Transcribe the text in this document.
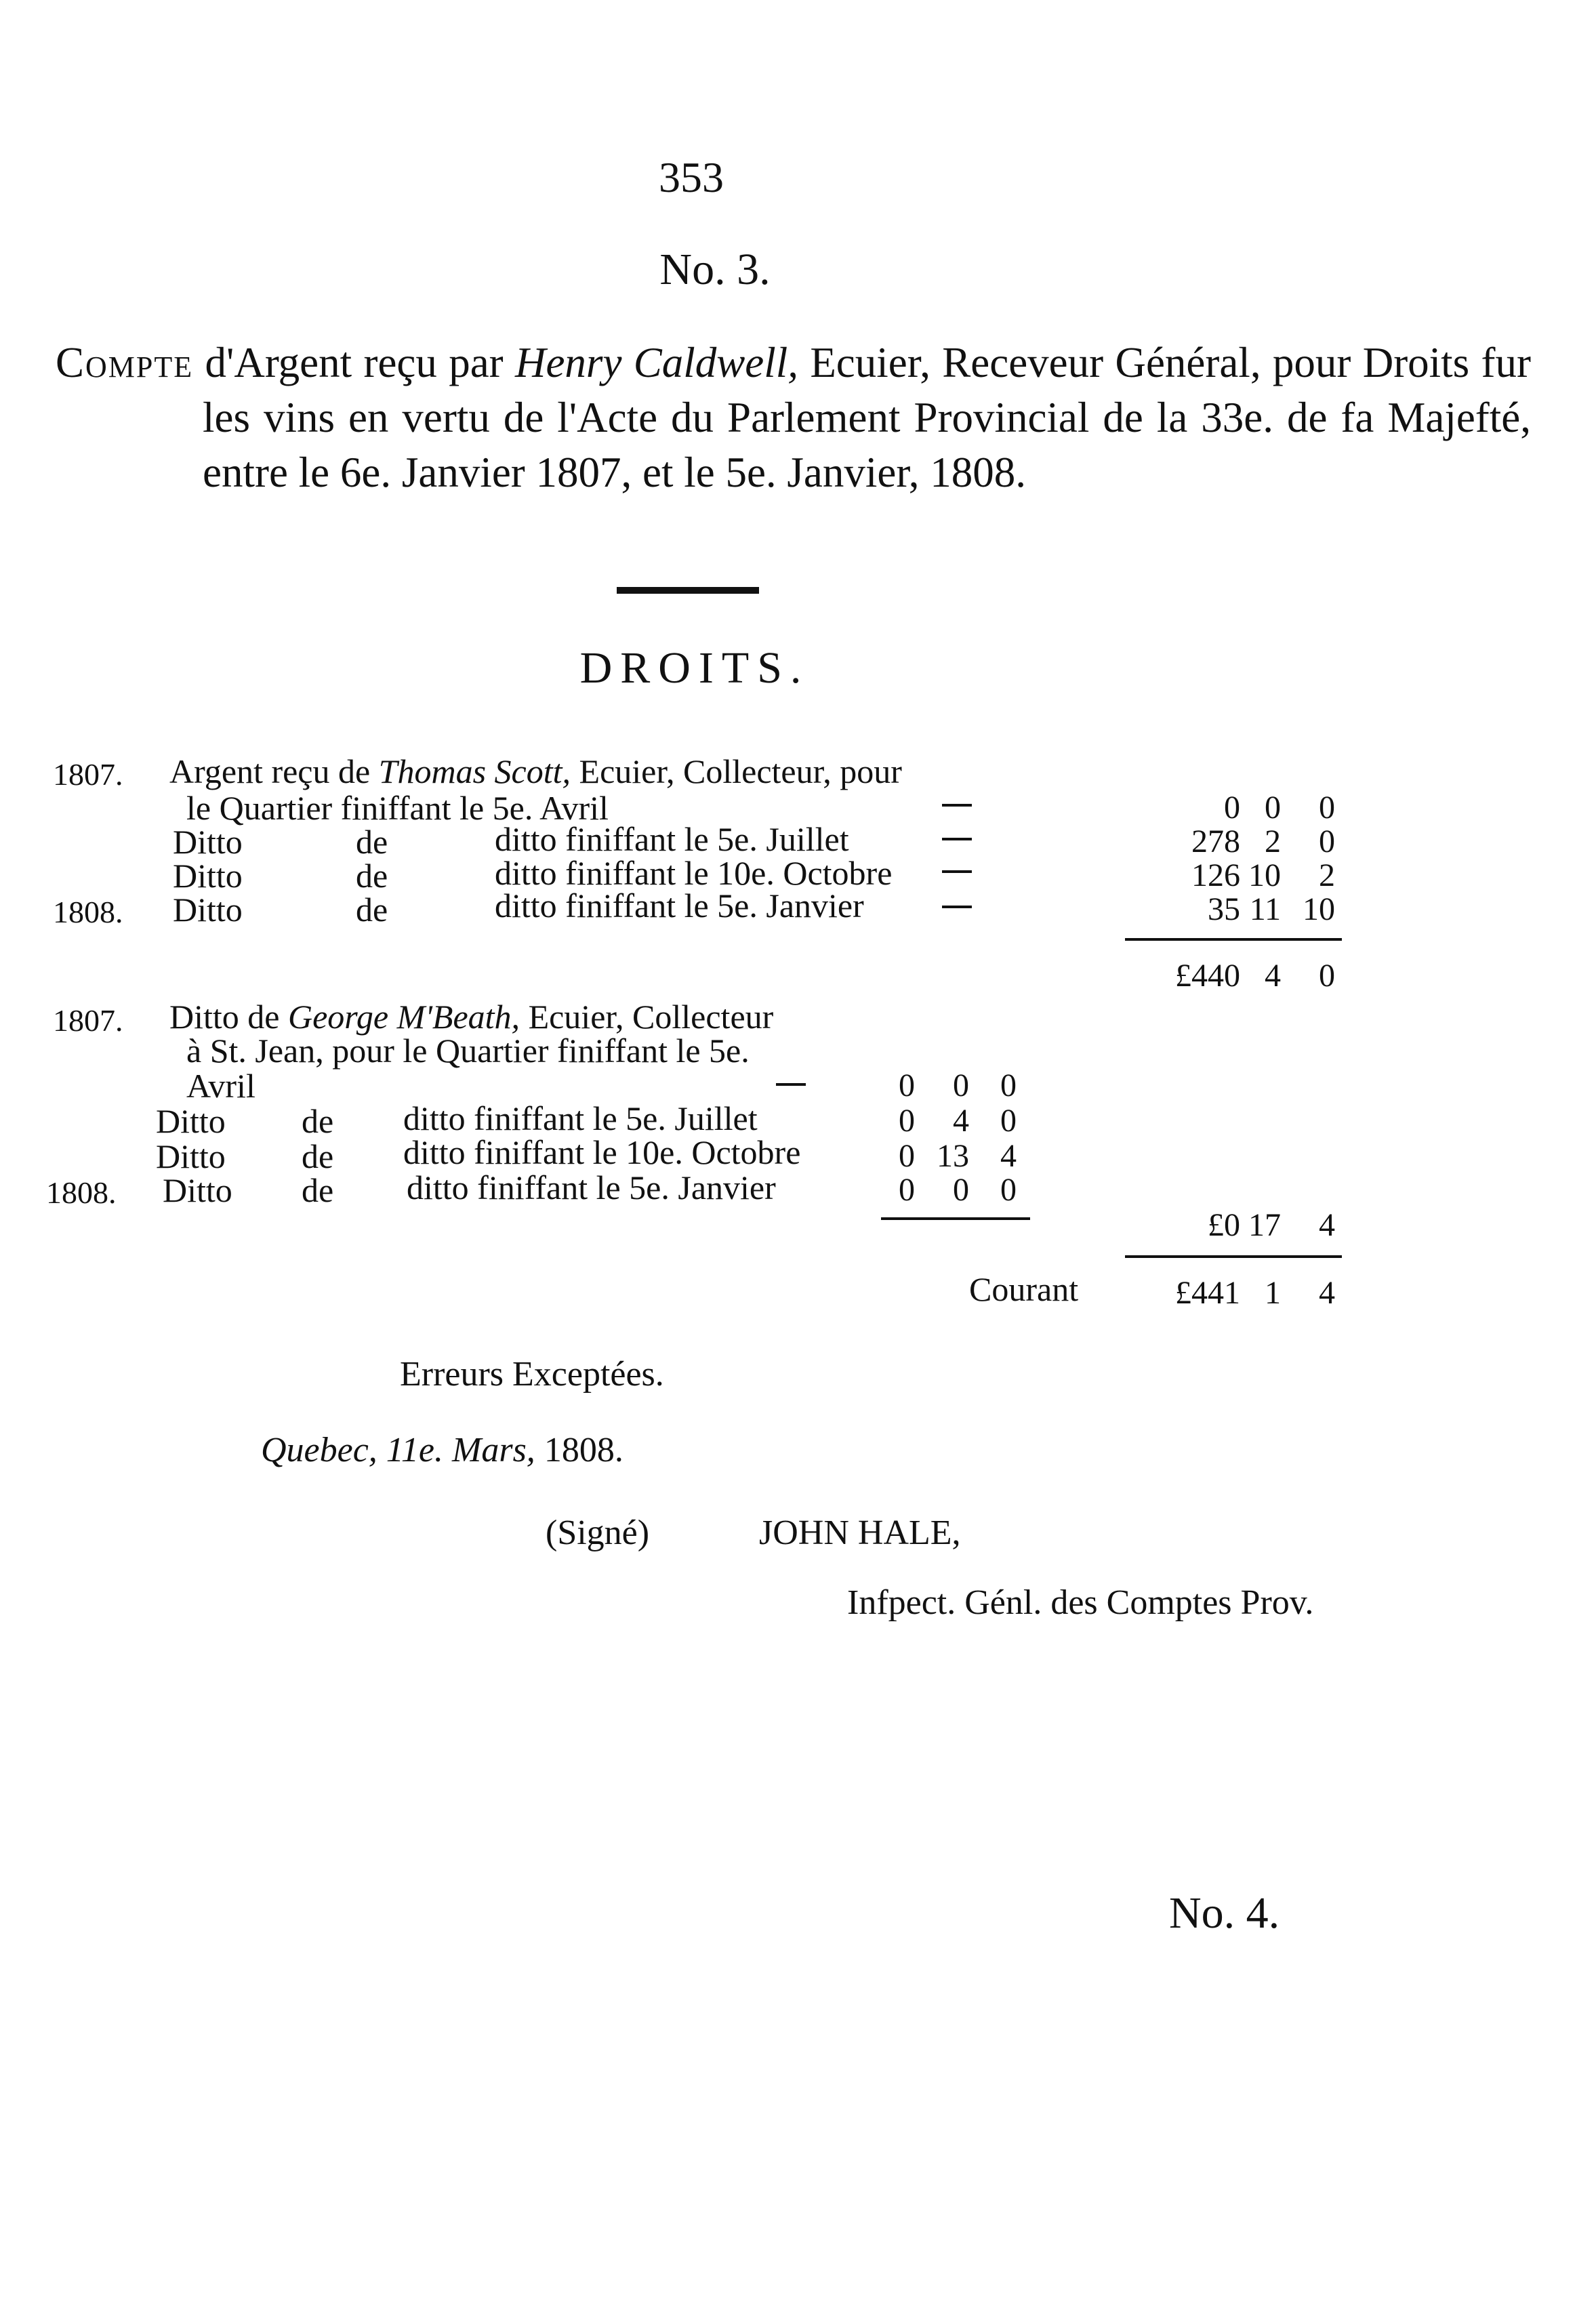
353
No. 3.
Compte d'Argent reçu par Henry Caldwell, Ecuier, Receveur Général, pour Droits fur les vins en vertu de l'Acte du Parlement Provincial de la 33e. de fa Majefté, entre le 6e. Janvier 1807, et le 5e. Janvier, 1808.
DROITS.
1807. Argent reçu de Thomas Scott, Ecuier, Collecteur, pour
le Quartier finiffant le 5e. Avril	0 0	0
Ditto	de	ditto finiffant le 5e. Juillet	278 2	0
Ditto	de	ditto finiffant le 10e. Octobre	126 10	2
1808. Ditto	de	ditto finiffant le 5e. Janvier	35 11 10
£440 4	0
1807. Ditto de George M'Beath, Ecuier, Collecteur
à St. Jean, pour le Quartier finiffant le 5e.
Avril	0	0 0
Ditto de ditto finiffant le 5e. Juillet	0	4 0
Ditto de ditto finiffant le 10e. Octobre	0 13 4
1808. Ditto de ditto finiffant le 5e. Janvier	0	0 0
£0 17	4
Courant	£441 1	4
Erreurs Exceptées.
Quebec, 11e. Mars, 1808.
(Signé)	JOHN HALE,
Infpect. Génl. des Comptes Prov.
No. 4.
